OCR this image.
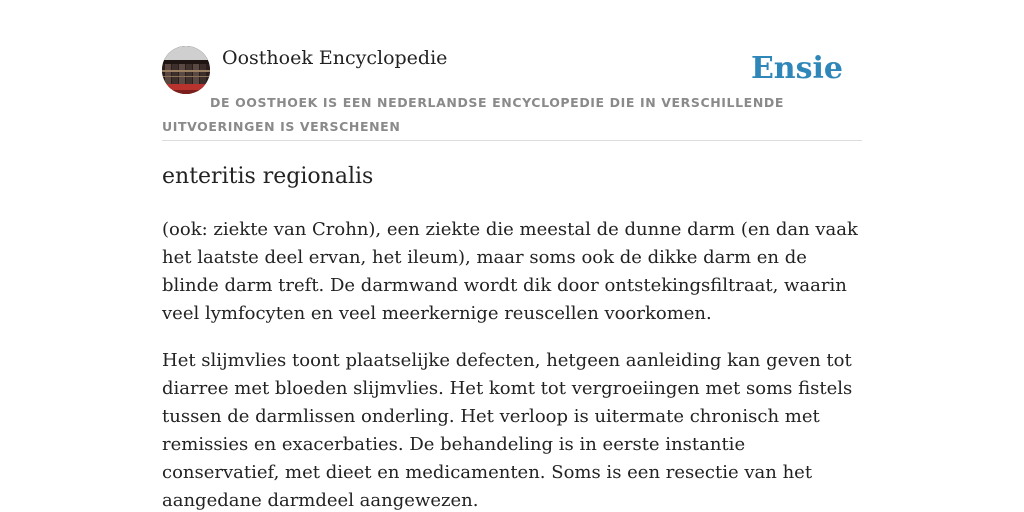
Oosthoek Encyclopedie	Ensie
DE OOSTHOEK IS EEN NEDERLANDSE ENCYCLOPEDIE DIE IN VERSCHILLENDE UITVOERINGEN IS VERSCHENEN
enteritis regionalis

(ook: ziekte van Crohn), een ziekte die meestal de dunne darm (en dan vaak het laatste deel ervan, het ileum), maar soms ook de dikke darm en de blinde darm treft. De darmwand wordt dik door ontstekingsfiltraat, waarin veel lymfocyten en veel meerkernige reuscellen voorkomen.

Het slijmvlies toont plaatselijke defecten, hetgeen aanleiding kan geven tot diarree met bloeden slijmvlies. Het komt tot vergroeiingen met soms fistels tussen de darmlissen onderling. Het verloop is uitermate chronisch met remissies en exacerbaties. De behandeling is in eerste instantie conservatief, met dieet en medicamenten. Soms is een resectie van het aangedane darmdeel aangewezen.
